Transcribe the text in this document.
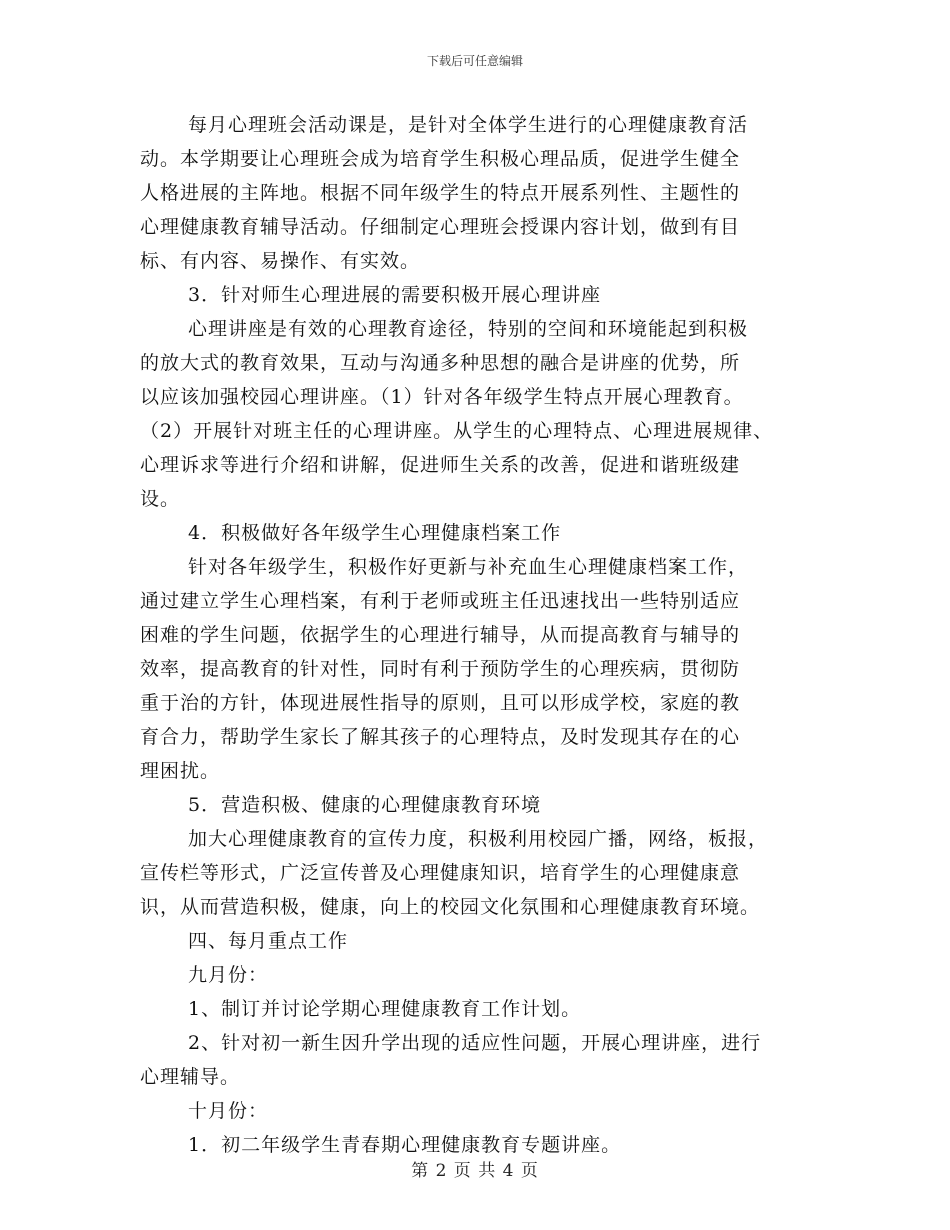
下载后可任意编辑
每月心理班会活动课是，是针对全体学生进行的心理健康教育活
动。本学期要让心理班会成为培育学生积极心理品质，促进学生健全
人格进展的主阵地。根据不同年级学生的特点开展系列性、主题性的
心理健康教育辅导活动。仔细制定心理班会授课内容计划，做到有目
标、有内容、易操作、有实效。
3．针对师生心理进展的需要积极开展心理讲座
心理讲座是有效的心理教育途径，特别的空间和环境能起到积极
的放大式的教育效果，互动与沟通多种思想的融合是讲座的优势，所
以应该加强校园心理讲座。（1）针对各年级学生特点开展心理教育。
（2）开展针对班主任的心理讲座。从学生的心理特点、心理进展规律、
心理诉求等进行介绍和讲解，促进师生关系的改善，促进和谐班级建
设。
4．积极做好各年级学生心理健康档案工作
针对各年级学生，积极作好更新与补充血生心理健康档案工作，
通过建立学生心理档案，有利于老师或班主任迅速找出一些特别适应
困难的学生问题，依据学生的心理进行辅导，从而提高教育与辅导的
效率，提高教育的针对性，同时有利于预防学生的心理疾病，贯彻防
重于治的方针，体现进展性指导的原则，且可以形成学校，家庭的教
育合力，帮助学生家长了解其孩子的心理特点，及时发现其存在的心
理困扰。
5．营造积极、健康的心理健康教育环境
加大心理健康教育的宣传力度，积极利用校园广播，网络，板报，
宣传栏等形式，广泛宣传普及心理健康知识，培育学生的心理健康意
识，从而营造积极，健康，向上的校园文化氛围和心理健康教育环境。
四、每月重点工作
九月份：
1、制订并讨论学期心理健康教育工作计划。
2、针对初一新生因升学出现的适应性问题，开展心理讲座，进行
心理辅导。
十月份：
1．初二年级学生青春期心理健康教育专题讲座。
第 2 页 共 4 页
